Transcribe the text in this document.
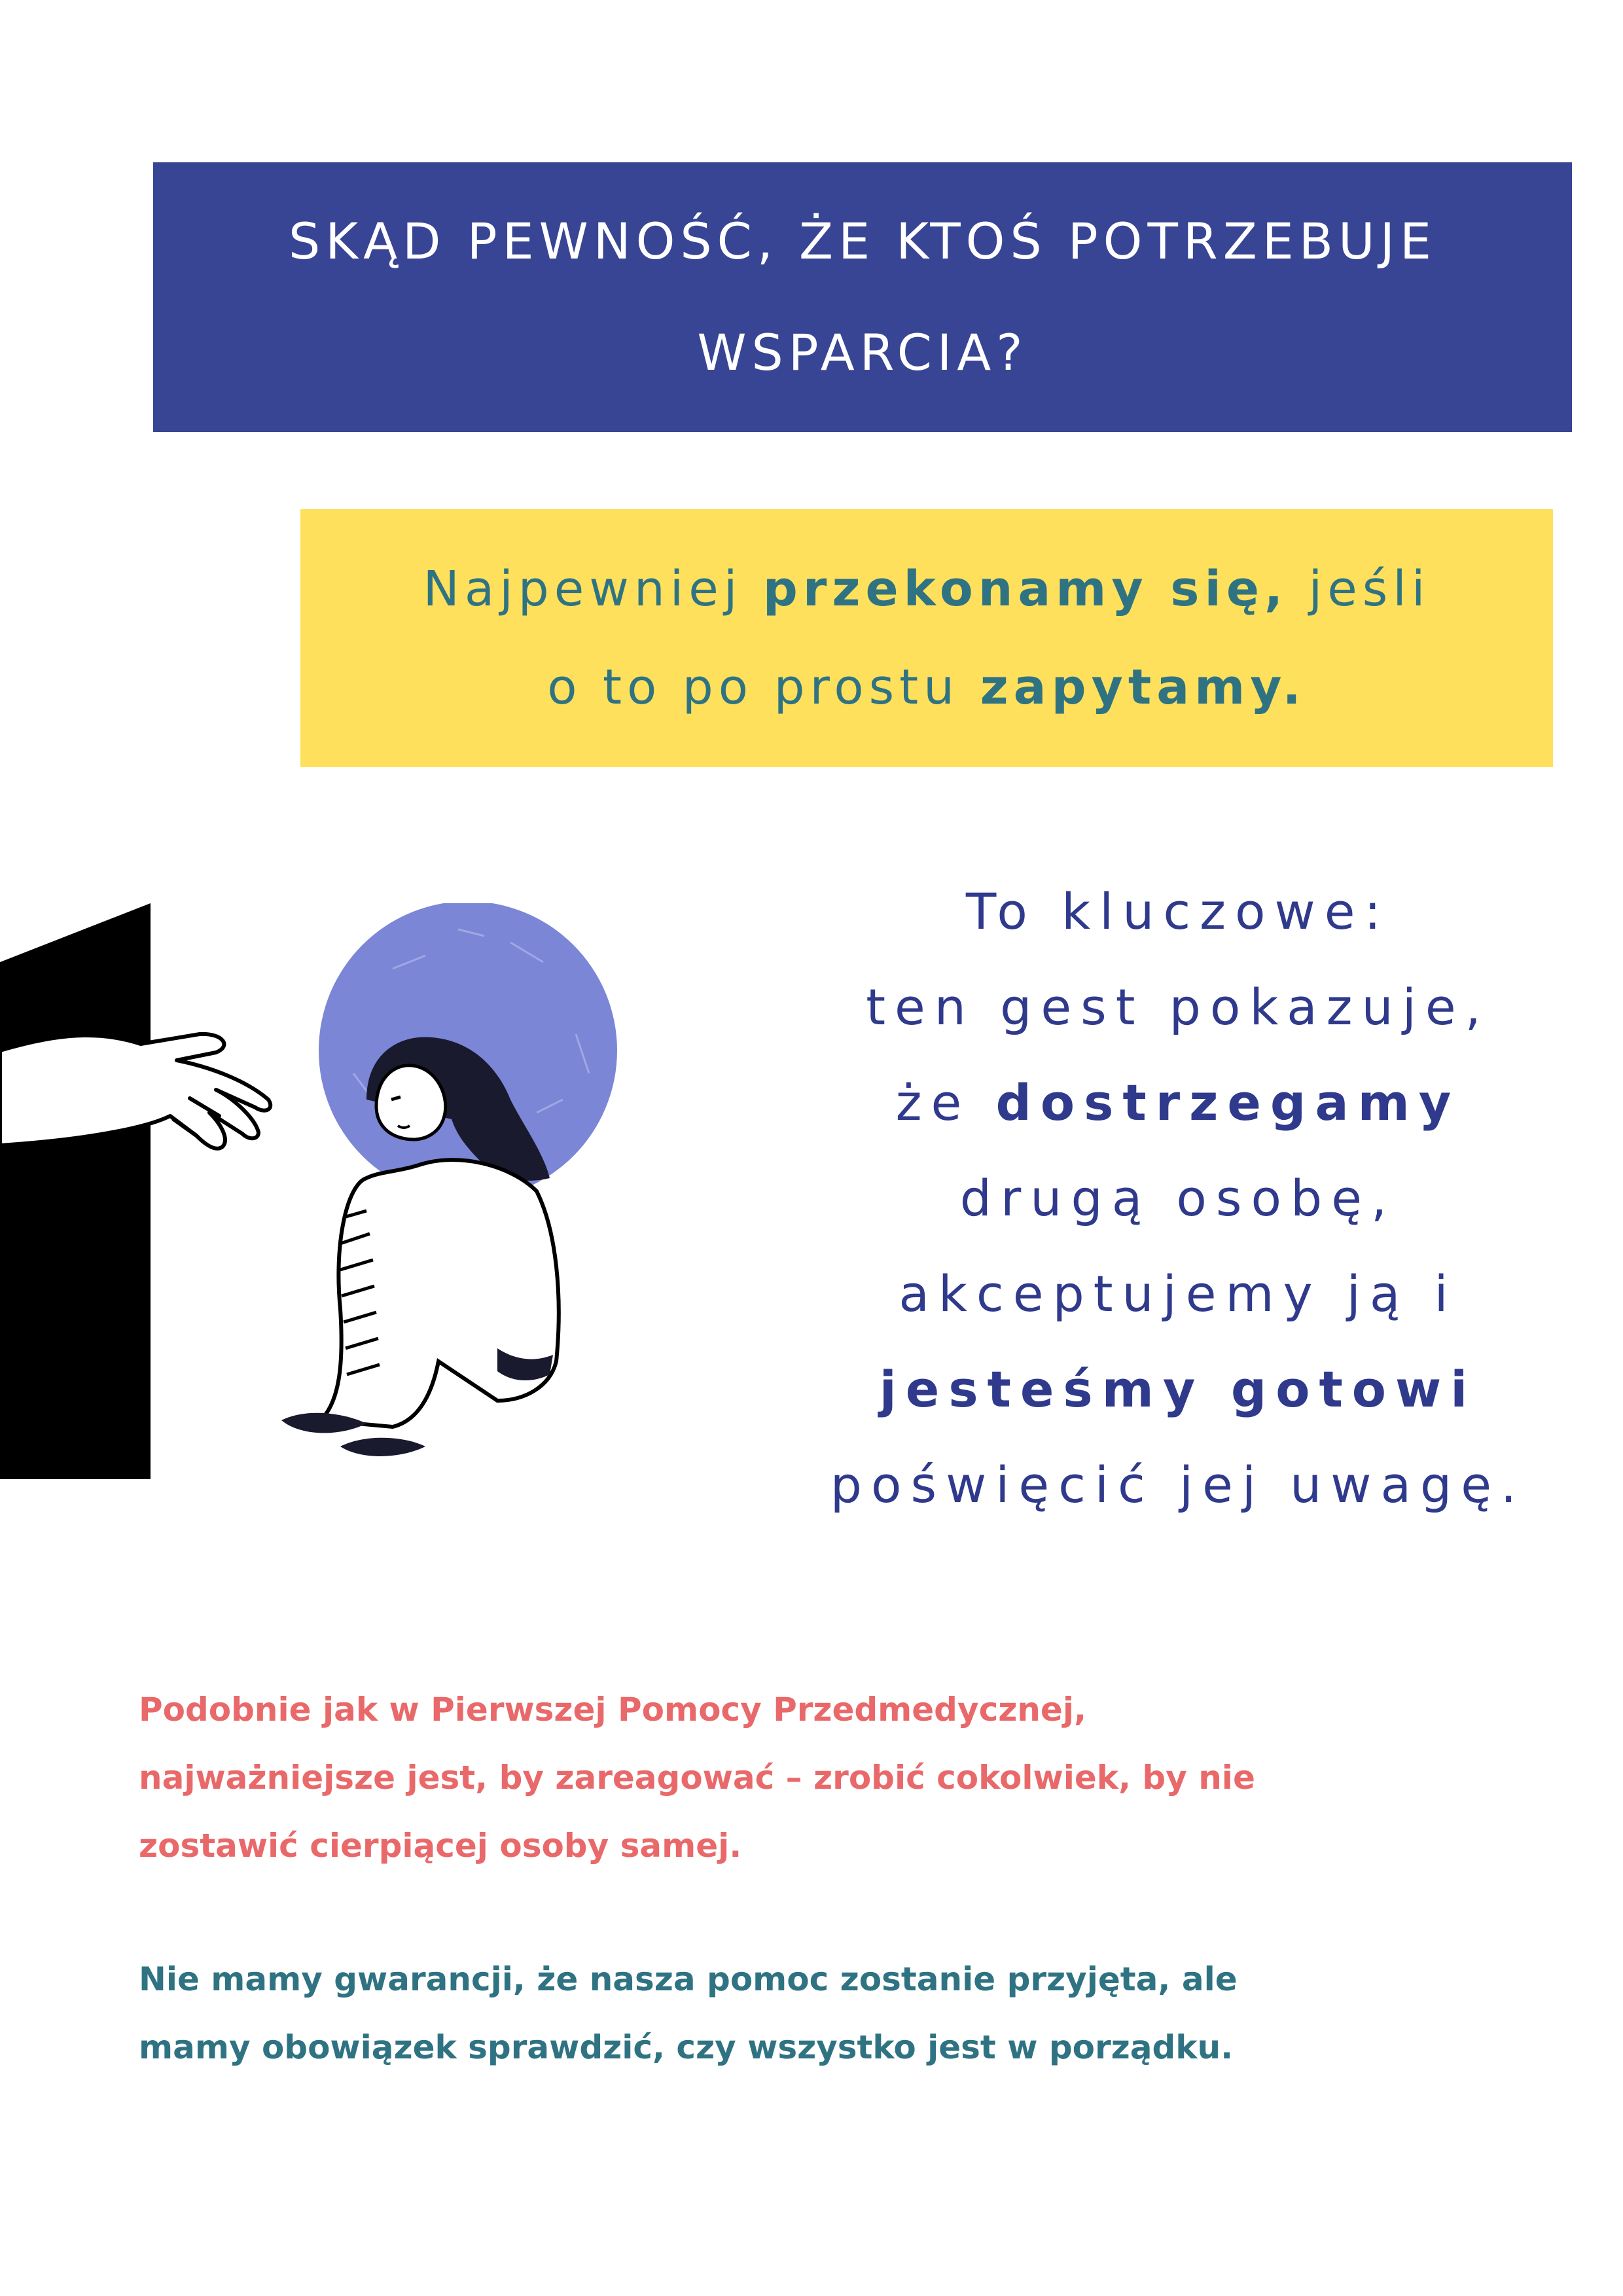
SKĄD PEWNOŚĆ, ŻE KTOŚ POTRZEBUJE
WSPARCIA?
Najpewniej przekonamy się, jeśli
o to po prostu zapytamy.
To kluczowe:
ten gest pokazuje,
że dostrzegamy
drugą osobę,
akceptujemy ją i
jesteśmy gotowi
poświęcić jej uwagę.
Podobnie jak w Pierwszej Pomocy Przedmedycznej,
najważniejsze jest, by zareagować – zrobić cokolwiek, by nie
zostawić cierpiącej osoby samej.
Nie mamy gwarancji, że nasza pomoc zostanie przyjęta, ale
mamy obowiązek sprawdzić, czy wszystko jest w porządku.
